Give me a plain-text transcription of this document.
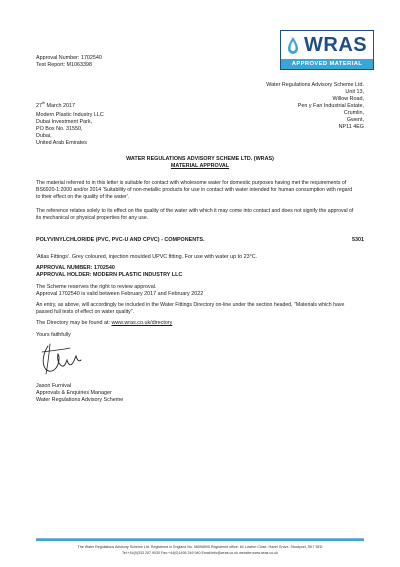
Approval Number: 1702540
Test Report: M1063398
WRAS
APPROVED MATERIAL
Water Regulations Advisory Scheme Ltd.
Unit 13,
Willow Road,
Pen y Fan Industrial Estate,
Crumlin,
Gwent,
NP11 4EG
27th March 2017
Modern Plastic Industry LLC
Dubai Investment Park,
PO Box No. 31550,
Dubai,
United Arab Emirates
WATER REGULATIONS ADVISORY SCHEME LTD. (WRAS)
MATERIAL APPROVAL
The material referred to in this letter is suitable for contact with wholesome water for domestic purposes having met the requirements of BS6920-1:2000 and/or 2014 'Suitability of non-metallic products for use in contact with water intended for human consumption with regard to their effect on the quality of the water'.
The reference relates solely to its effect on the quality of the water with which it may come into contact and does not signify the approval of its mechanical or physical properties for any use.
POLYVINYLCHLORIDE (PVC, PVC-U AND CPVC) - COMPONENTS.	5301
'Atlas Fittings'. Grey coloured, injection moulded UPVC fitting. For use with water up to 23°C.
APPROVAL NUMBER: 1702540
APPROVAL HOLDER: MODERN PLASTIC INDUSTRY LLC
The Scheme reserves the right to review approval.
Approval 1702540 is valid between February 2017 and February 2022
An entry, as above, will accordingly be included in the Water Fittings Directory on-line under the section headed, "Materials which have passed full tests of effect on water quality".
The Directory may be found at: www.wras.co.uk/directory
Yours faithfully
Jason Furnival
Approvals & Enquiries Manager
Water Regulations Advisory Scheme
The Water Regulations Advisory Scheme Ltd. Registered in England No. 06598590 Registered office: 60 Lowton Close, Hazel Grove, Stockport, SK7 5ED
Tel:+44(0)333 207 9030 Fax:+44(0)1495 249 940 Email:info@wras.co.uk website:www.wras.co.uk
